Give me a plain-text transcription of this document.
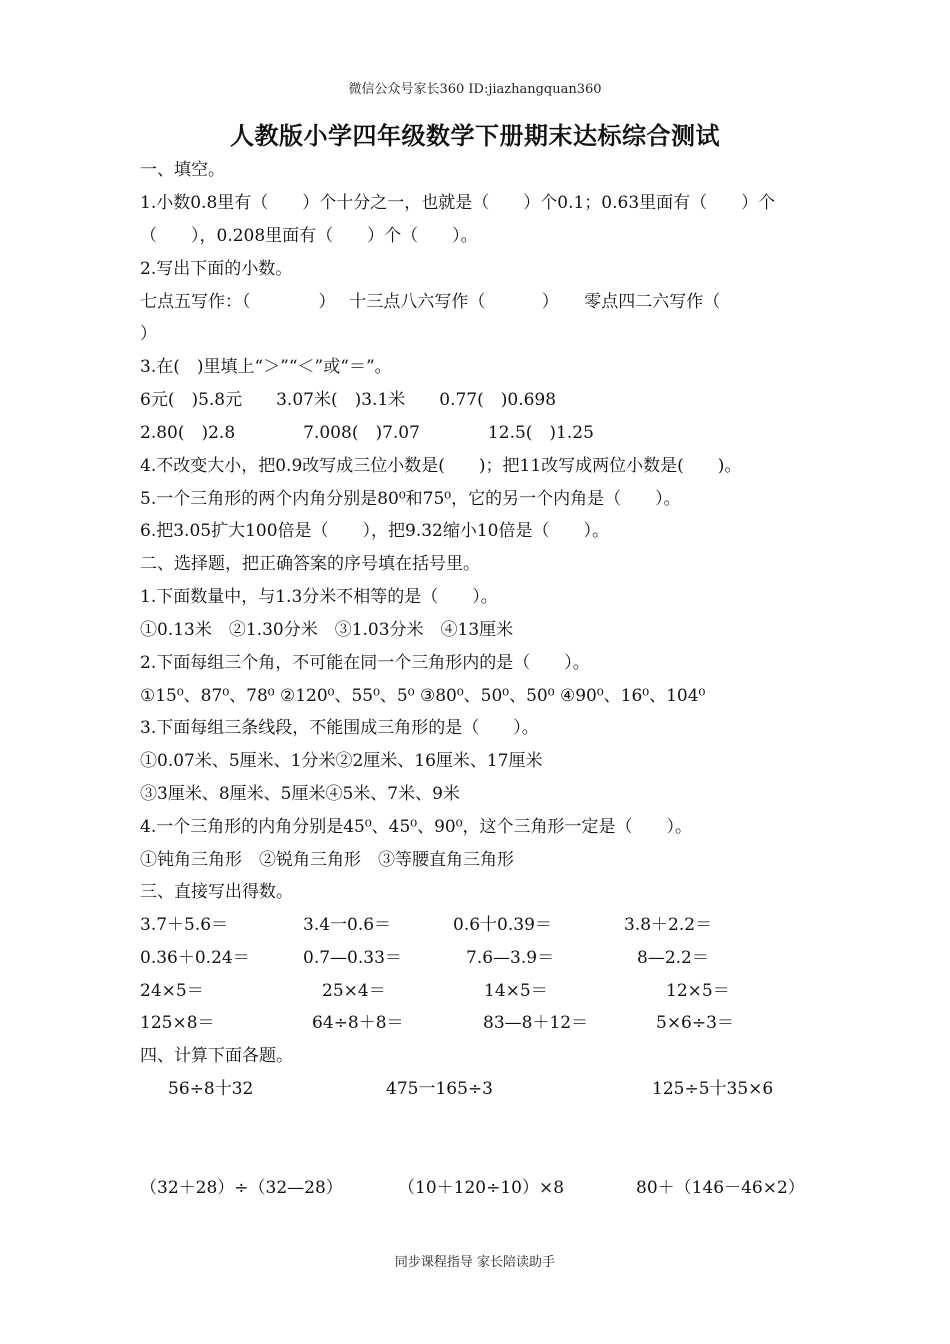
微信公众号家长360 ID:jiazhangquan360
人教版小学四年级数学下册期末达标综合测试
一、填空。
1.小数0.8里有（　　）个十分之一，也就是（　　）个0.1；0.63里面有（　　）个
（　　），0.208里面有（　　）个（　　）。
2.写出下面的小数。
七点五写作：（　　　　）　 十三点八六写作（　　　 ）　　零点四二六写作（
）
3.在(　)里填上“＞”“＜”或“＝”。
6元(　)5.8元　　3.07米(　)3.1米　　0.77(　)0.698
2.80(　)2.8　　　　7.008(　)7.07　　　　12.5(　)1.25
4.不改变大小，把0.9改写成三位小数是(　　)；把11改写成两位小数是(　　)。
5.一个三角形的两个内角分别是80⁰和75⁰，它的另一个内角是（　　）。
6.把3.05扩大100倍是（　　），把9.32缩小10倍是（　　）。
二、选择题，把正确答案的序号填在括号里。
1.下面数量中，与1.3分米不相等的是（　　）。
①0.13米　②1.30分米　③1.03分米　④13厘米
2.下面每组三个角，不可能在同一个三角形内的是（　　）。
①15⁰、87⁰、78⁰ ②120⁰、55⁰、5⁰ ③80⁰、50⁰、50⁰ ④90⁰、16⁰、104⁰
3.下面每组三条线段，不能围成三角形的是（　　）。
①0.07米、5厘米、1分米②2厘米、16厘米、17厘米
③3厘米、8厘米、5厘米④5米、7米、9米
4.一个三角形的内角分别是45⁰、45⁰、90⁰，这个三角形一定是（　　）。
①钝角三角形　②锐角三角形　③等腰直角三角形
三、直接写出得数。
3.7＋5.6＝	3.4一0.6＝	0.6十0.39＝	3.8＋2.2＝
0.36＋0.24＝	0.7—0.33＝	7.6—3.9＝	8—2.2＝
24×5＝	25×4＝	14×5＝	12×5＝
125×8＝	64÷8＋8＝	83—8＋12＝	5×6÷3＝
四、计算下面各题。
56÷8十32	475一165÷3	125÷5十35×6
（32＋28）÷（32—28）	（10＋120÷10）×8	80＋（146－46×2）
同步课程指导 家长陪读助手
